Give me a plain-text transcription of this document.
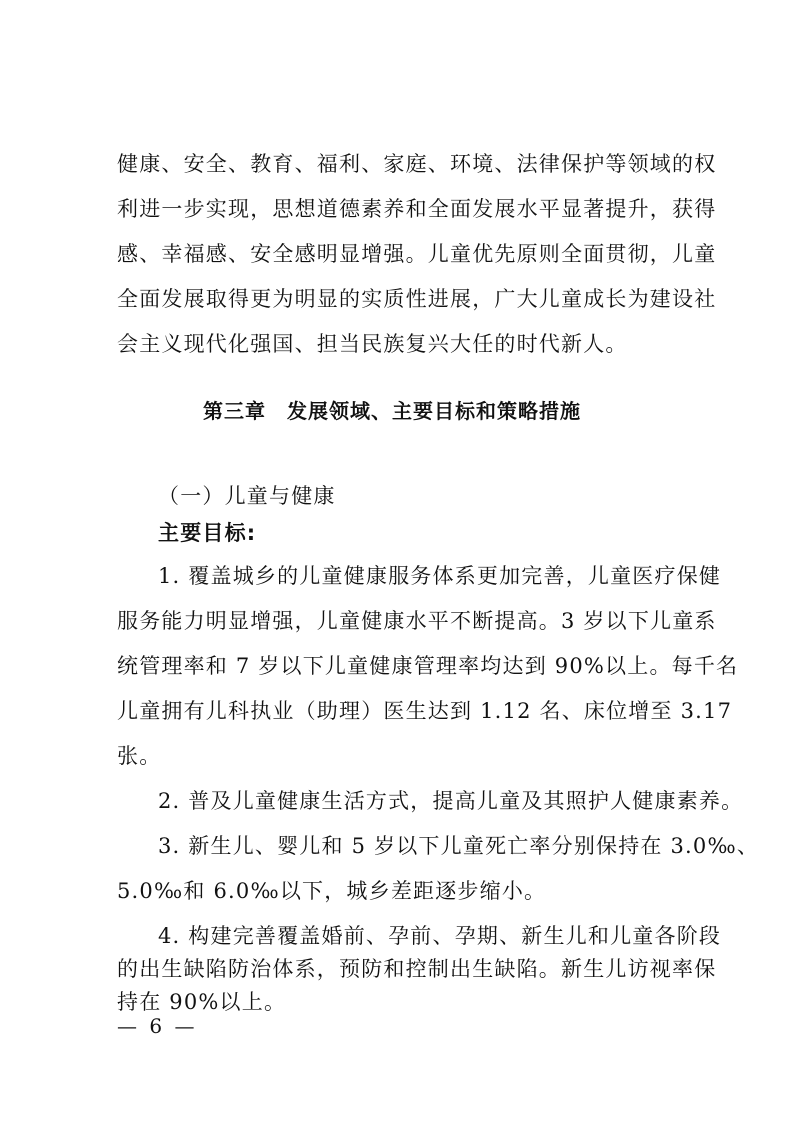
健康、安全、教育、福利、家庭、环境、法律保护等领域的权
利进一步实现，思想道德素养和全面发展水平显著提升，获得
感、幸福感、安全感明显增强。儿童优先原则全面贯彻，儿童
全面发展取得更为明显的实质性进展，广大儿童成长为建设社
会主义现代化强国、担当民族复兴大任的时代新人。
第三章　发展领域、主要目标和策略措施
（一）儿童与健康
主要目标:
1. 覆盖城乡的儿童健康服务体系更加完善，儿童医疗保健
服务能力明显增强，儿童健康水平不断提高。3 岁以下儿童系
统管理率和 7 岁以下儿童健康管理率均达到 90%以上。每千名
儿童拥有儿科执业（助理）医生达到 1.12 名、床位增至 3.17
张。
2. 普及儿童健康生活方式，提高儿童及其照护人健康素养。
3. 新生儿、婴儿和 5 岁以下儿童死亡率分别保持在 3.0‰、
5.0‰和 6.0‰以下，城乡差距逐步缩小。
4. 构建完善覆盖婚前、孕前、孕期、新生儿和儿童各阶段
的出生缺陷防治体系，预防和控制出生缺陷。新生儿访视率保
持在 90%以上。
— 6 —
